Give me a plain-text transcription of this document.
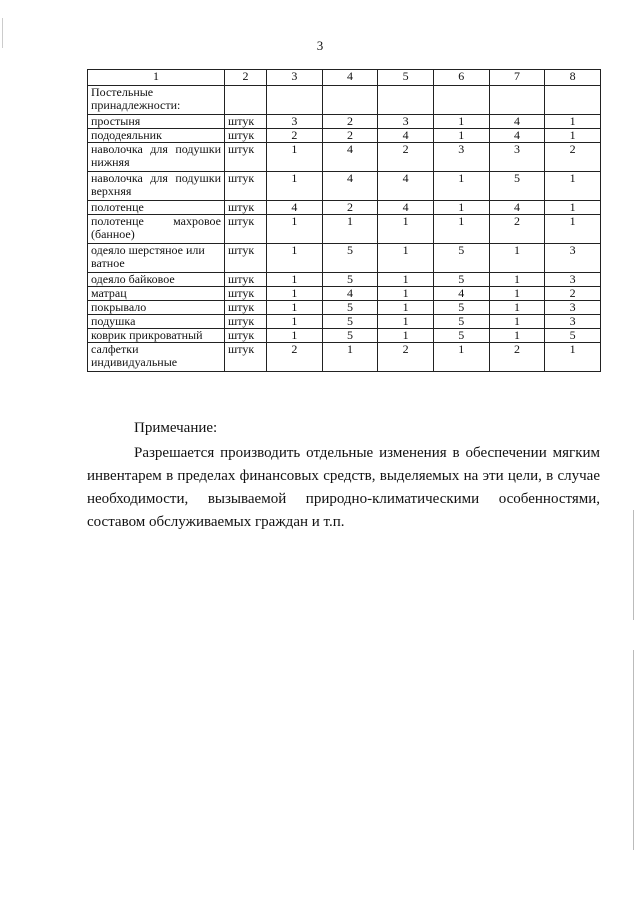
3
1	2	3	4	5	6	7	8
Постельные принадлежности:							
простыня	штук	3	2	3	1	4	1
пододеяльник	штук	2	2	4	1	4	1
наволочка для подушки нижняя	штук	1	4	2	3	3	2
наволочка для подушки верхняя	штук	1	4	4	1	5	1
полотенце	штук	4	2	4	1	4	1
полотенце махровое (банное)	штук	1	1	1	1	2	1
одеяло шерстяное или ватное	штук	1	5	1	5	1	3
одеяло байковое	штук	1	5	1	5	1	3
матрац	штук	1	4	1	4	1	2
покрывало	штук	1	5	1	5	1	3
подушка	штук	1	5	1	5	1	3
коврик прикроватный	штук	1	5	1	5	1	5
салфетки индивидуальные	штук	2	1	2	1	2	1
Примечание:

Разрешается производить отдельные изменения в обеспечении мягким инвентарем в пределах финансовых средств, выделяемых на эти цели, в случае необходимости, вызываемой природно-климатическими особенностями, составом обслуживаемых граждан и т.п.
